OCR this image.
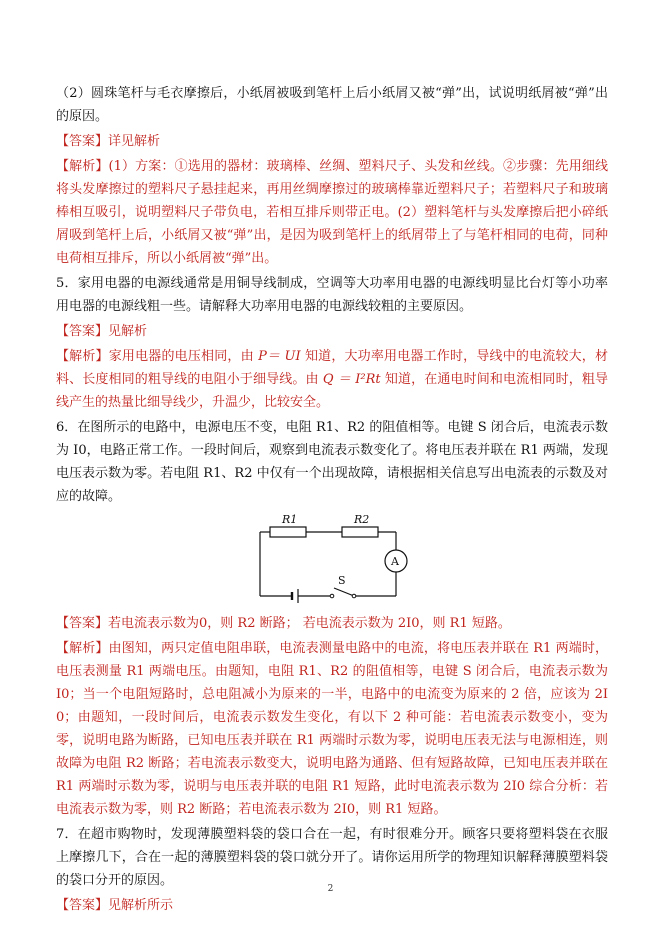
（2）圆珠笔杆与毛衣摩擦后，小纸屑被吸到笔杆上后小纸屑又被“弹”出，试说明纸屑被“弹”出的原因。

【答案】详见解析

【解析】(1）方案：①选用的器材：玻璃棒、丝绸、塑料尺子、头发和丝线。②步骤：先用细线将头发摩擦过的塑料尺子悬挂起来，再用丝绸摩擦过的玻璃棒靠近塑料尺子；若塑料尺子和玻璃棒相互吸引，说明塑料尺子带负电，若相互排斥则带正电。(2）塑料笔杆与头发摩擦后把小碎纸屑吸到笔杆上后，小纸屑又被“弹”出，是因为吸到笔杆上的纸屑带上了与笔杆相同的电荷，同种电荷相互排斥，所以小纸屑被“弹”出。

5．家用电器的电源线通常是用铜导线制成，空调等大功率用电器的电源线明显比台灯等小功率用电器的电源线粗一些。请解释大功率用电器的电源线较粗的主要原因。

【答案】见解析

【解析】家用电器的电压相同，由 P＝ UI 知道，大功率用电器工作时，导线中的电流较大，材料、长度相同的粗导线的电阻小于细导线。由 Q ＝ I²Rt 知道，在通电时间和电流相同时，粗导线产生的热量比细导线少，升温少，比较安全。

6．在图所示的电路中，电源电压不变，电阻 R1、R2 的阻值相等。电键 S 闭合后，电流表示数为 I0，电路正常工作。一段时间后，观察到电流表示数变化了。将电压表并联在 R1 两端，发现电压表示数为零。若电阻 R1、R2 中仅有一个出现故障，请根据相关信息写出电流表的示数及对应的故障。

R1	R2
A
S

【答案】若电流表示数为0，则 R2 断路； 若电流表示数为 2I0，则 R1 短路。

【解析】由图知，两只定值电阻串联，电流表测量电路中的电流，将电压表并联在 R1 两端时，电压表测量 R1 两端电压。由题知，电阻 R1、R2 的阻值相等，电键 S 闭合后，电流表示数为 I0；当一个电阻短路时，总电阻减小为原来的一半，电路中的电流变为原来的 2 倍，应该为 2I0；由题知，一段时间后，电流表示数发生变化，有以下 2 种可能：若电流表示数变小，变为零，说明电路为断路，已知电压表并联在 R1 两端时示数为零，说明电压表无法与电源相连，则故障为电阻 R2 断路；若电流表示数变大，说明电路为通路、但有短路故障，已知电压表并联在 R1 两端时示数为零，说明与电压表并联的电阻 R1 短路，此时电流表示数为 2I0 综合分析：若电流表示数为零，则 R2 断路；若电流表示数为 2I0，则 R1 短路。

7．在超市购物时，发现薄膜塑料袋的袋口合在一起，有时很难分开。顾客只要将塑料袋在衣服上摩擦几下，合在一起的薄膜塑料袋的袋口就分开了。请你运用所学的物理知识解释薄膜塑料袋的袋口分开的原因。

【答案】见解析所示

2
